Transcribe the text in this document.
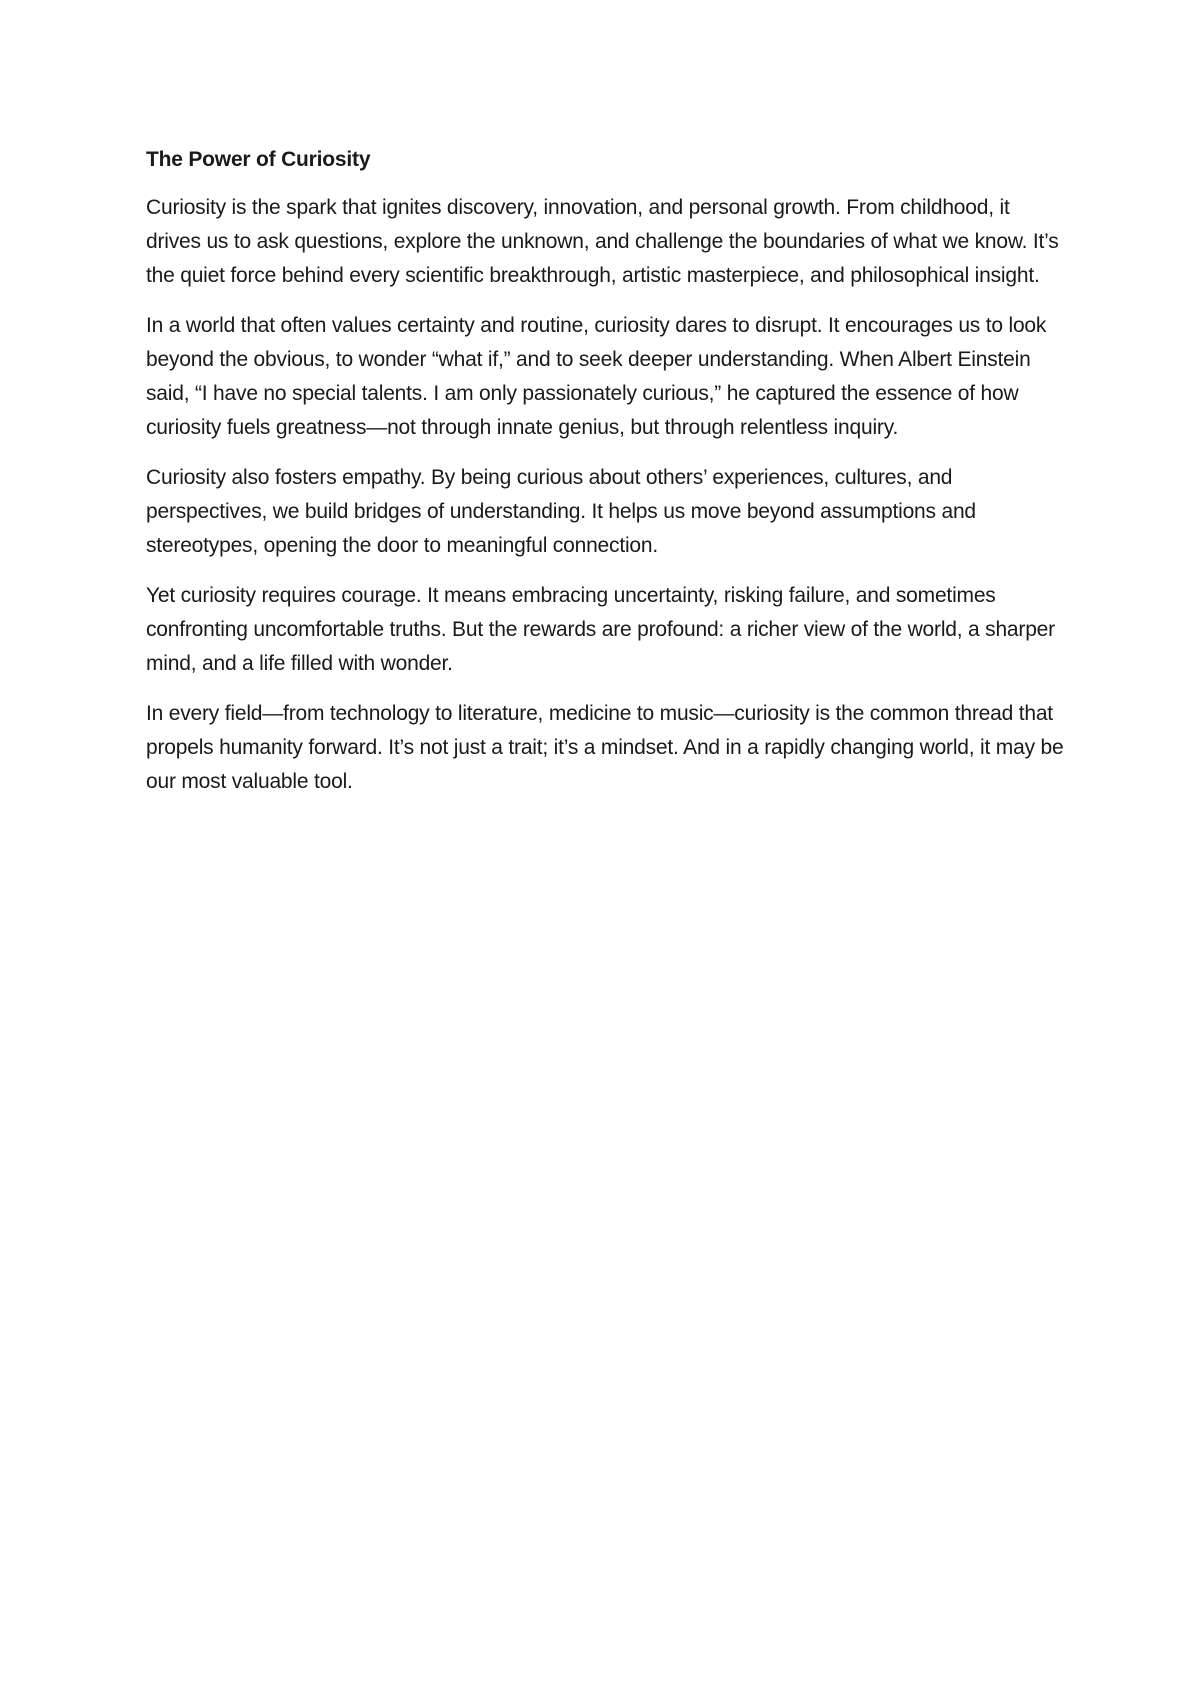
The Power of Curiosity

Curiosity is the spark that ignites discovery, innovation, and personal growth. From childhood, it drives us to ask questions, explore the unknown, and challenge the boundaries of what we know. It’s the quiet force behind every scientific breakthrough, artistic masterpiece, and philosophical insight.

In a world that often values certainty and routine, curiosity dares to disrupt. It encourages us to look beyond the obvious, to wonder “what if,” and to seek deeper understanding. When Albert Einstein said, “I have no special talents. I am only passionately curious,” he captured the essence of how curiosity fuels greatness—not through innate genius, but through relentless inquiry.

Curiosity also fosters empathy. By being curious about others’ experiences, cultures, and perspectives, we build bridges of understanding. It helps us move beyond assumptions and stereotypes, opening the door to meaningful connection.

Yet curiosity requires courage. It means embracing uncertainty, risking failure, and sometimes confronting uncomfortable truths. But the rewards are profound: a richer view of the world, a sharper mind, and a life filled with wonder.

In every field—from technology to literature, medicine to music—curiosity is the common thread that propels humanity forward. It’s not just a trait; it’s a mindset. And in a rapidly changing world, it may be our most valuable tool.
